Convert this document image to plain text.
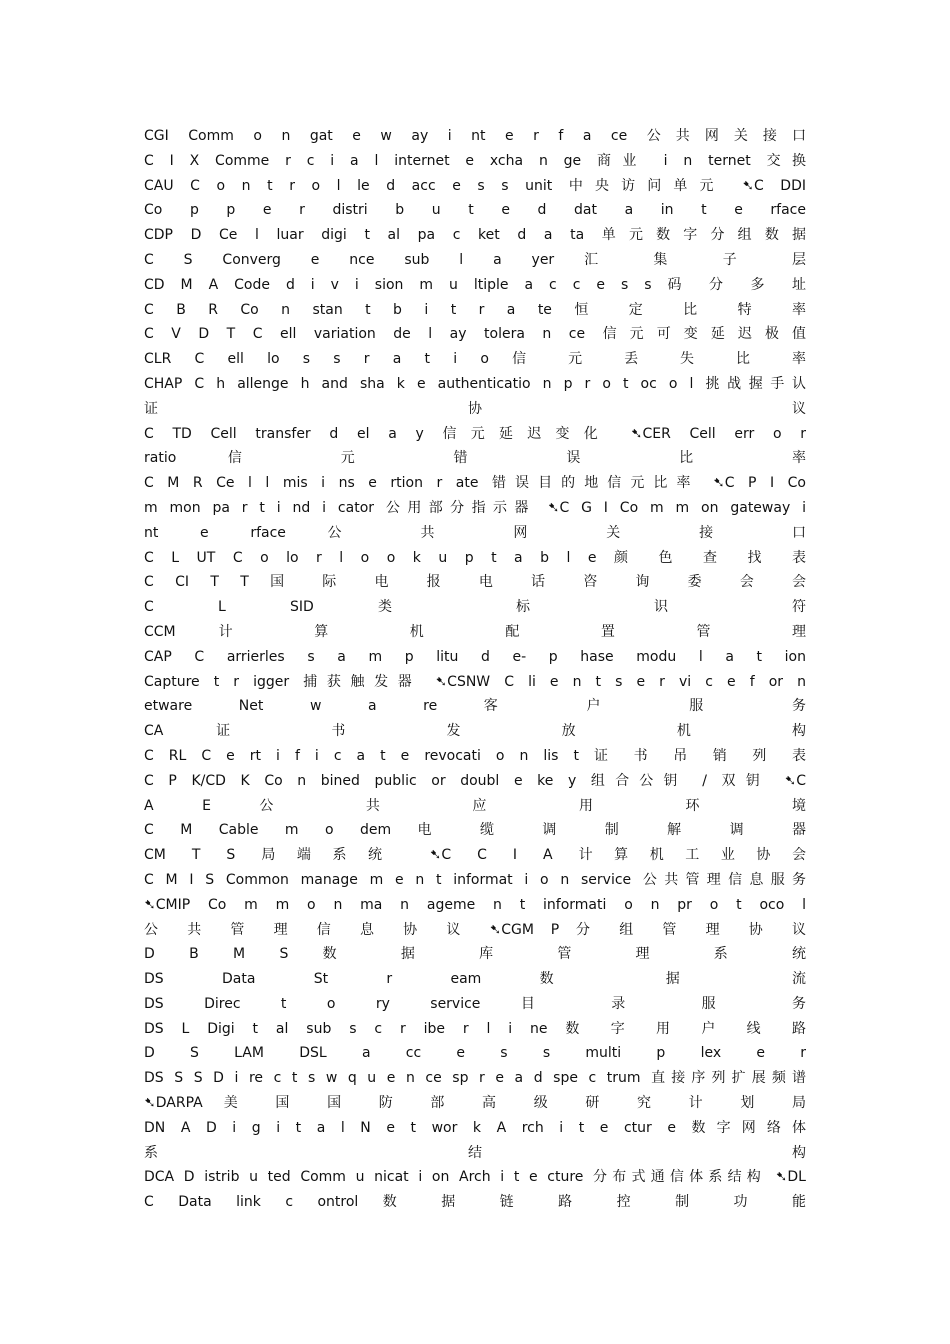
CGI Comm o n gat e w ay i nt e r f a ce 公共网关接口
C I X Comme r c i a l internet e xcha n ge 商业 i n ternet 交换
CAU C o n t r o l le d acc e s s unit 中央访问单元 ➷C DDI
Co p p e r distri b u t e d dat a in t e rface
CDP D Ce l luar digi t al pa c ket d a ta 单元数字分组数据
C S Converg e nce sub l a yer 汇 集 子 层
CD M A Code d i v i sion m u ltiple a c c e s s 码 分 多 址
C B R Co n stan t b i t r a te 恒 定 比 特 率
C V D T C ell variation de l ay tolera n ce 信元可变延迟极值
CLR C ell lo s s r a t i o 信 元 丢 失 比 率
CHAP C h allenge h and sha k e authenticatio n p r o t oc o l 挑战握手认
证 协 议
C TD Cell transfer d el a y 信元延迟变化 ➷CER Cell err o r
ratio 信 元 错 误 比 率
C M R Ce l l mis i ns e rtion r ate 错误目的地信元比率 ➷C P I Co
m mon pa r t i nd i cator 公用部分指示器 ➷C G I Co m m on gateway i
nt e rface 公 共 网 关 接 口
C L UT C o lo r l o o k u p t a b l e 颜 色 查 找 表
C CI T T 国 际 电 报 电 话 咨 询 委 会 会
C L SID 类 标 识 符
CCM 计 算 机 配 置 管 理
CAP C arrierles s a m p litu d e- p hase modu l a t ion
Capture t r igger 捕获触发器 ➷CSNW C li e n t s e r vi c e f or n
etware Net w a re 客 户 服 务
CA 证 书 发 放 机 构
C RL C e rt i f i c a t e revocati o n lis t 证 书 吊 销 列 表
C P K/CD K Co n bined public or doubl e ke y 组合公钥 / 双钥 ➷C
A E 公 共 应 用 环 境
C M Cable m o dem 电 缆 调 制 解 调 器
CM T S 局端系统 ➷C C I A 计算机工业协会
C M I S Common manage m e n t informat i o n service 公共管理信息服务
➷CMIP Co m m o n ma n ageme n t informati o n pr o t oco l
公 共 管 理 信 息 协 议 ➷CGM P 分 组 管 理 协 议
D B M S 数 据 库 管 理 系 统
DS Data St r eam 数 据 流
DS Direc t o ry service 目 录 服 务
DS L Digi t al sub s c r ibe r l i ne 数 字 用 户 线 路
D S LAM DSL a cc e s s multi p lex e r
DS S S D i re c t s w q u e n ce sp r e a d spe c trum 直接序列扩展频谱
➷DARPA 美 国 国 防 部 高 级 研 究 计 划 局
DN A D i g i t a l N e t wor k A rch i t e ctur e 数字网络体
系 结 构
DCA D istrib u ted Comm u nicat i on Arch i t e cture 分布式通信体系结构 ➷DL
C Data link c ontrol 数 据 链 路 控 制 功 能
